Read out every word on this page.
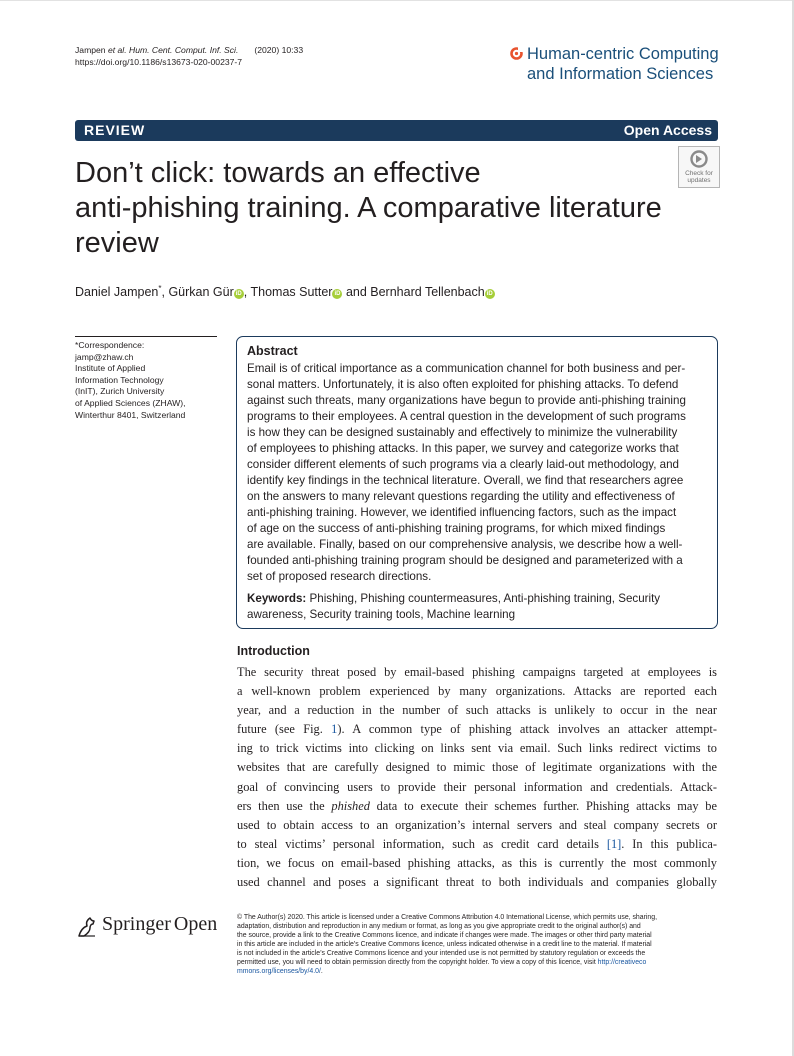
Jampen et al. Hum. Cent. Comput. Inf. Sci. (2020) 10:33
https://doi.org/10.1186/s13673-020-00237-7	Human-centric Computing
and Information Sciences
REVIEW	Open Access
Don’t click: towards an effective
anti-phishing training. A comparative literature
review
Check for
updates
Daniel Jampen*, Gürkan Gür iD , Thomas Sutter iD and Bernhard Tellenbach iD
*Correspondence:
jamp@zhaw.ch
Institute of Applied
Information Technology
(InIT), Zurich University
of Applied Sciences (ZHAW),
Winterthur 8401, Switzerland
Abstract
Email is of critical importance as a communication channel for both business and per-
sonal matters. Unfortunately, it is also often exploited for phishing attacks. To defend
against such threats, many organizations have begun to provide anti-phishing training
programs to their employees. A central question in the development of such programs
is how they can be designed sustainably and effectively to minimize the vulnerability
of employees to phishing attacks. In this paper, we survey and categorize works that
consider different elements of such programs via a clearly laid-out methodology, and
identify key findings in the technical literature. Overall, we find that researchers agree
on the answers to many relevant questions regarding the utility and effectiveness of
anti-phishing training. However, we identified influencing factors, such as the impact
of age on the success of anti-phishing training programs, for which mixed findings
are available. Finally, based on our comprehensive analysis, we describe how a well-
founded anti-phishing training program should be designed and parameterized with a
set of proposed research directions.
Keywords: Phishing, Phishing countermeasures, Anti-phishing training, Security
awareness, Security training tools, Machine learning
Introduction
The security threat posed by email-based phishing campaigns targeted at employees is
a well-known problem experienced by many organizations. Attacks are reported each
year, and a reduction in the number of such attacks is unlikely to occur in the near
future (see Fig. 1). A common type of phishing attack involves an attacker attempt-
ing to trick victims into clicking on links sent via email. Such links redirect victims to
websites that are carefully designed to mimic those of legitimate organizations with the
goal of convincing users to provide their personal information and credentials. Attack-
ers then use the phished data to execute their schemes further. Phishing attacks may be
used to obtain access to an organization’s internal servers and steal company secrets or
to steal victims’ personal information, such as credit card details [1]. In this publica-
tion, we focus on email-based phishing attacks, as this is currently the most commonly
used channel and poses a significant threat to both individuals and companies globally
Springer Open	© The Author(s) 2020. This article is licensed under a Creative Commons Attribution 4.0 International License, which permits use, sharing,
adaptation, distribution and reproduction in any medium or format, as long as you give appropriate credit to the original author(s) and
the source, provide a link to the Creative Commons licence, and indicate if changes were made. The images or other third party material
in this article are included in the article’s Creative Commons licence, unless indicated otherwise in a credit line to the material. If material
is not included in the article’s Creative Commons licence and your intended use is not permitted by statutory regulation or exceeds the
permitted use, you will need to obtain permission directly from the copyright holder. To view a copy of this licence, visit http://creativeco
mmons.org/licenses/by/4.0/.
